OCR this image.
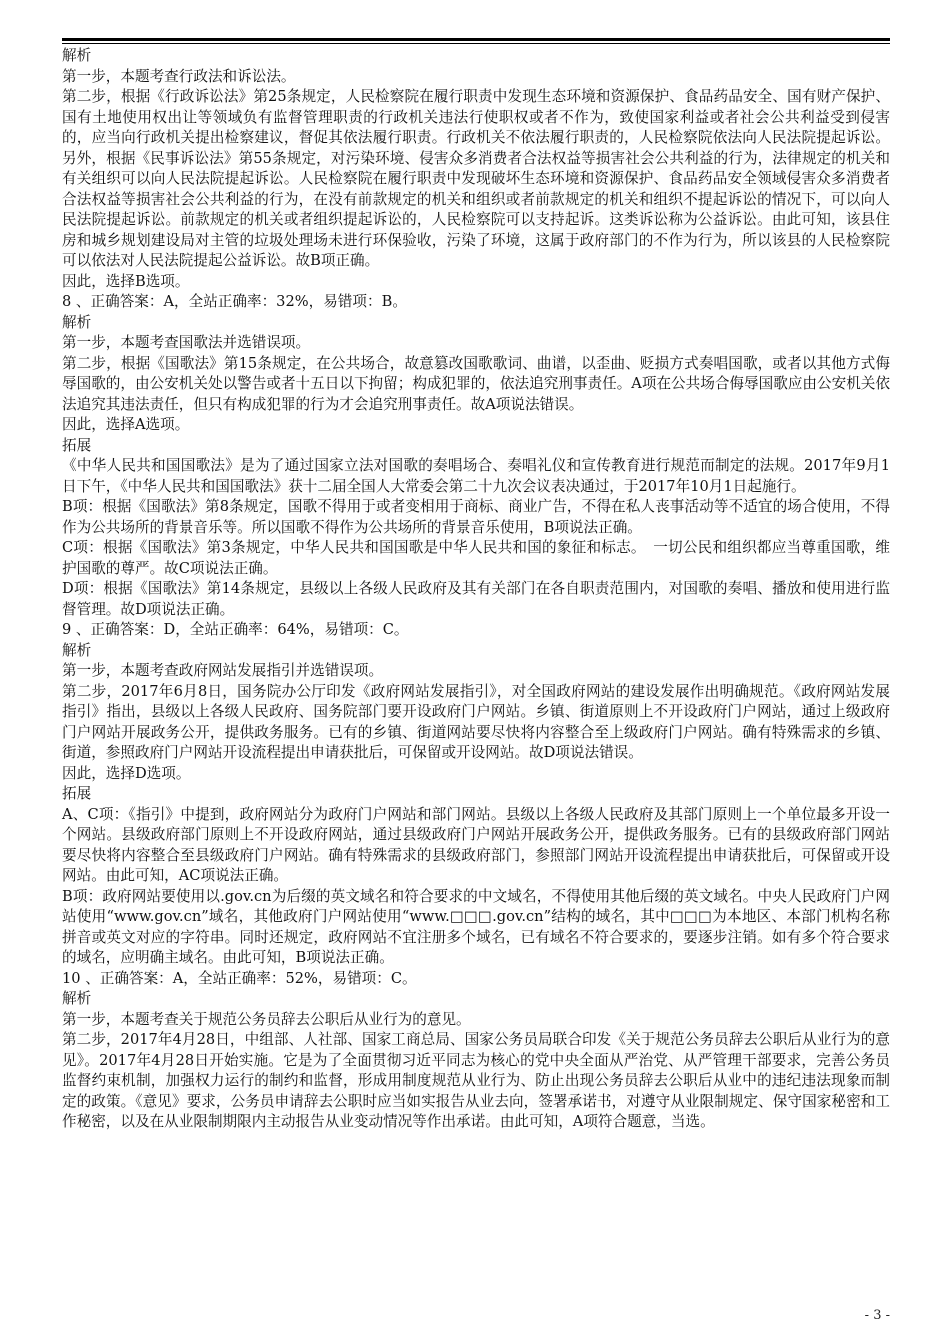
解析

第一步，本题考查行政法和诉讼法。

第二步，根据《行政诉讼法》第25条规定，人民检察院在履行职责中发现生态环境和资源保护、食品药品安全、国有财产保护、国有土地使用权出让等领域负有监督管理职责的行政机关违法行使职权或者不作为，致使国家利益或者社会公共利益受到侵害的，应当向行政机关提出检察建议，督促其依法履行职责。行政机关不依法履行职责的，人民检察院依法向人民法院提起诉讼。另外，根据《民事诉讼法》第55条规定，对污染环境、侵害众多消费者合法权益等损害社会公共利益的行为，法律规定的机关和有关组织可以向人民法院提起诉讼。人民检察院在履行职责中发现破坏生态环境和资源保护、食品药品安全领域侵害众多消费者合法权益等损害社会公共利益的行为，在没有前款规定的机关和组织或者前款规定的机关和组织不提起诉讼的情况下，可以向人民法院提起诉讼。前款规定的机关或者组织提起诉讼的，人民检察院可以支持起诉。这类诉讼称为公益诉讼。由此可知，该县住房和城乡规划建设局对主管的垃圾处理场未进行环保验收，污染了环境，这属于政府部门的不作为行为，所以该县的人民检察院可以依法对人民法院提起公益诉讼。故B项正确。

因此，选择B选项。

8 、正确答案：A，全站正确率：32%，易错项：B。

解析

第一步，本题考查国歌法并选错误项。

第二步，根据《国歌法》第15条规定，在公共场合，故意篡改国歌歌词、曲谱，以歪曲、贬损方式奏唱国歌，或者以其他方式侮辱国歌的，由公安机关处以警告或者十五日以下拘留；构成犯罪的，依法追究刑事责任。A项在公共场合侮辱国歌应由公安机关依法追究其违法责任，但只有构成犯罪的行为才会追究刑事责任。故A项说法错误。

因此，选择A选项。

拓展

《中华人民共和国国歌法》是为了通过国家立法对国歌的奏唱场合、奏唱礼仪和宣传教育进行规范而制定的法规。2017年9月1日下午，《中华人民共和国国歌法》获十二届全国人大常委会第二十九次会议表决通过，于2017年10月1日起施行。

B项：根据《国歌法》第8条规定，国歌不得用于或者变相用于商标、商业广告，不得在私人丧事活动等不适宜的场合使用，不得作为公共场所的背景音乐等。所以国歌不得作为公共场所的背景音乐使用，B项说法正确。

C项：根据《国歌法》第3条规定，中华人民共和国国歌是中华人民共和国的象征和标志。　一切公民和组织都应当尊重国歌，维护国歌的尊严。故C项说法正确。

D项：根据《国歌法》第14条规定，县级以上各级人民政府及其有关部门在各自职责范围内，对国歌的奏唱、播放和使用进行监督管理。故D项说法正确。

9 、正确答案：D，全站正确率：64%，易错项：C。

解析

第一步，本题考查政府网站发展指引并选错误项。

第二步，2017年6月8日，国务院办公厅印发《政府网站发展指引》，对全国政府网站的建设发展作出明确规范。《政府网站发展指引》指出，县级以上各级人民政府、国务院部门要开设政府门户网站。乡镇、街道原则上不开设政府门户网站，通过上级政府门户网站开展政务公开，提供政务服务。已有的乡镇、街道网站要尽快将内容整合至上级政府门户网站。确有特殊需求的乡镇、街道，参照政府门户网站开设流程提出申请获批后，可保留或开设网站。故D项说法错误。

因此，选择D选项。

拓展

A、C项：《指引》中提到，政府网站分为政府门户网站和部门网站。县级以上各级人民政府及其部门原则上一个单位最多开设一个网站。县级政府部门原则上不开设政府网站，通过县级政府门户网站开展政务公开，提供政务服务。已有的县级政府部门网站要尽快将内容整合至县级政府门户网站。确有特殊需求的县级政府部门，参照部门网站开设流程提出申请获批后，可保留或开设网站。由此可知，AC项说法正确。

B项：政府网站要使用以.gov.cn为后缀的英文域名和符合要求的中文域名，不得使用其他后缀的英文域名。中央人民政府门户网站使用“www.gov.cn”域名，其他政府门户网站使用“www.□□□.gov.cn”结构的域名，其中□□□为本地区、本部门机构名称拼音或英文对应的字符串。同时还规定，政府网站不宜注册多个域名，已有域名不符合要求的，要逐步注销。如有多个符合要求的域名，应明确主域名。由此可知，B项说法正确。

10 、正确答案：A，全站正确率：52%，易错项：C。

解析

第一步，本题考查关于规范公务员辞去公职后从业行为的意见。

第二步，2017年4月28日，中组部、人社部、国家工商总局、国家公务员局联合印发《关于规范公务员辞去公职后从业行为的意见》。2017年4月28日开始实施。它是为了全面贯彻习近平同志为核心的党中央全面从严治党、从严管理干部要求，完善公务员监督约束机制，加强权力运行的制约和监督，形成用制度规范从业行为、防止出现公务员辞去公职后从业中的违纪违法现象而制定的政策。《意见》要求，公务员申请辞去公职时应当如实报告从业去向，签署承诺书，对遵守从业限制规定、保守国家秘密和工作秘密，以及在从业限制期限内主动报告从业变动情况等作出承诺。由此可知，A项符合题意，当选。

- 3 -
